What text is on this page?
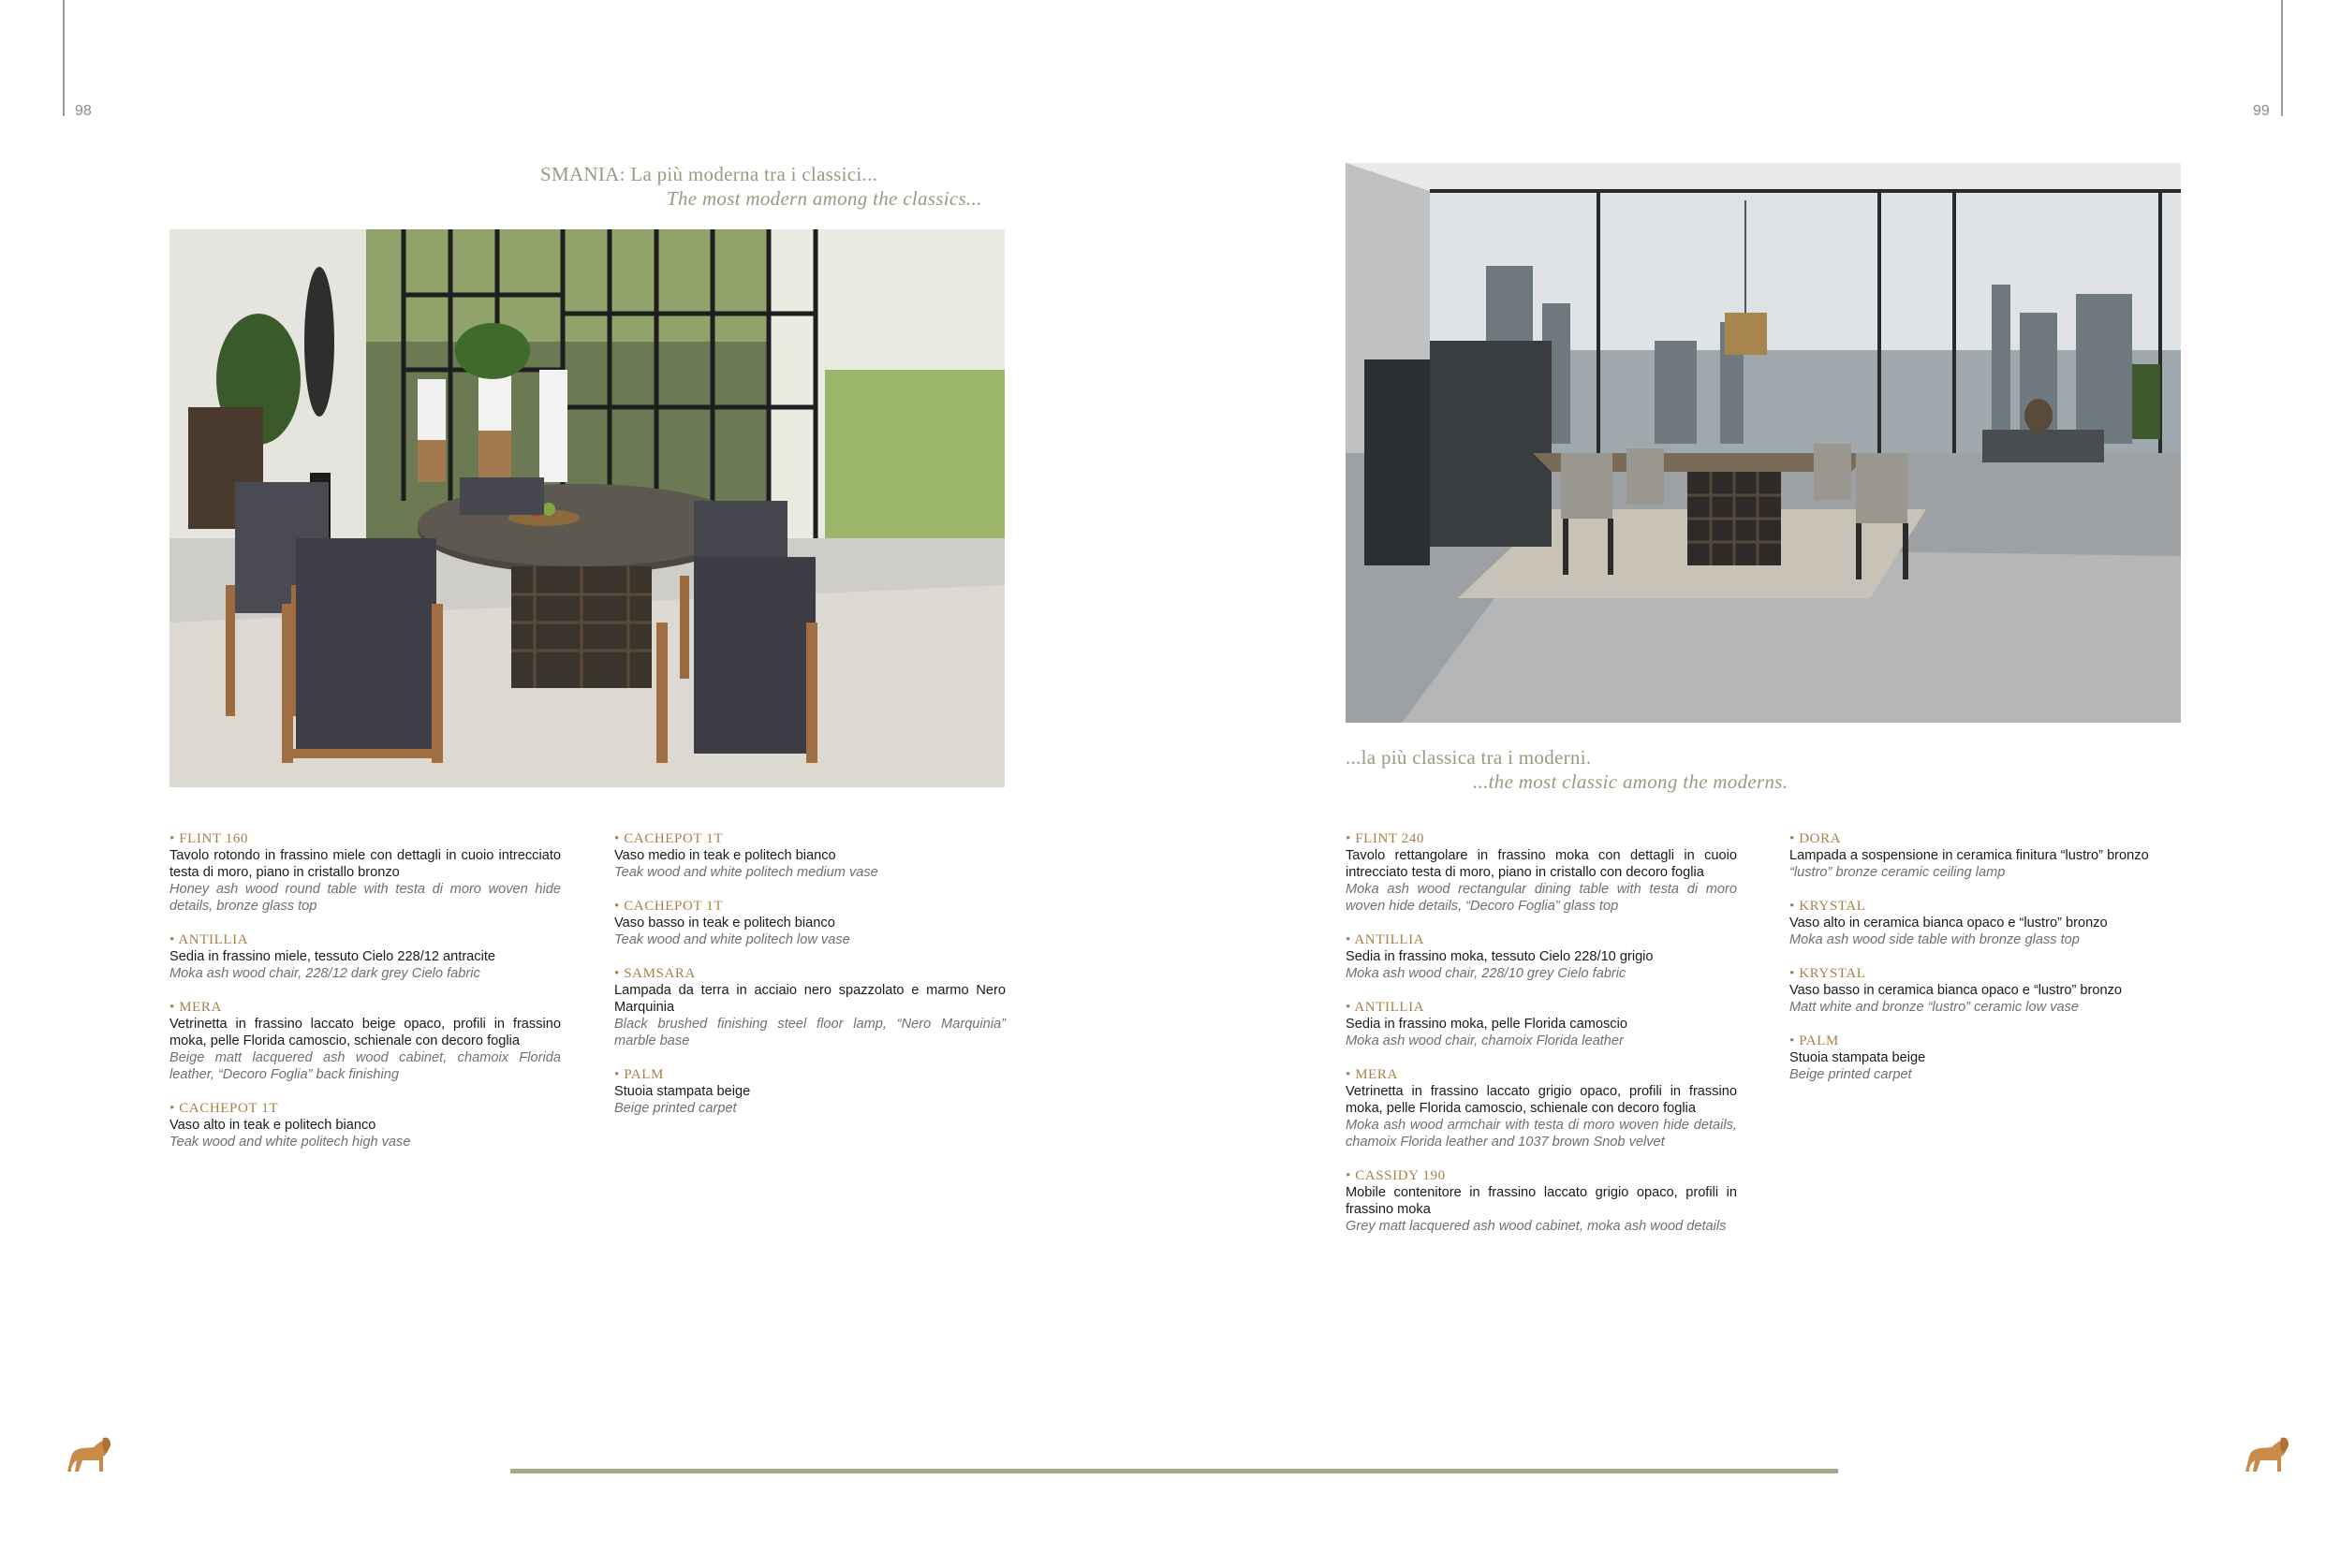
98	99
SMANIA: La più moderna tra i classici...
The most modern among the classics...
...la più classica tra i moderni.
...the most classic among the moderns.
• FLINT 160
Tavolo rotondo in frassino miele con dettagli in cuoio intrecciato testa di moro, piano in cristallo bronzo
Honey ash wood round table with testa di moro woven hide details, bronze glass top
• ANTILLIA
Sedia in frassino miele, tessuto Cielo 228/12 antracite
Moka ash wood chair, 228/12 dark grey Cielo fabric
• MERA
Vetrinetta in frassino laccato beige opaco, profili in frassino moka, pelle Florida camoscio, schienale con decoro foglia
Beige matt lacquered ash wood cabinet, chamoix Florida leather, “Decoro Foglia” back finishing
• CACHEPOT 1T
Vaso alto in teak e politech bianco
Teak wood and white politech high vase
• CACHEPOT 1T
Vaso medio in teak e politech bianco
Teak wood and white politech medium vase
• CACHEPOT 1T
Vaso basso in teak e politech bianco
Teak wood and white politech low vase
• SAMSARA
Lampada da terra in acciaio nero spazzolato e marmo Nero Marquinia
Black brushed finishing steel floor lamp, “Nero Marquinia” marble base
• PALM
Stuoia stampata beige
Beige printed carpet
• FLINT 240
Tavolo rettangolare in frassino moka con dettagli in cuoio intrecciato testa di moro, piano in cristallo con decoro foglia
Moka ash wood rectangular dining table with testa di moro woven hide details, “Decoro Foglia” glass top
• ANTILLIA
Sedia in frassino moka, tessuto Cielo 228/10 grigio
Moka ash wood chair, 228/10 grey Cielo fabric
• ANTILLIA
Sedia in frassino moka, pelle Florida camoscio
Moka ash wood chair, chamoix Florida leather
• MERA
Vetrinetta in frassino laccato grigio opaco, profili in frassino moka, pelle Florida camoscio, schienale con decoro foglia
Moka ash wood armchair with testa di moro woven hide details, chamoix Florida leather and 1037 brown Snob velvet
• CASSIDY 190
Mobile contenitore in frassino laccato grigio opaco, profili in frassino moka
Grey matt lacquered ash wood cabinet, moka ash wood details
• DORA
Lampada a sospensione in ceramica finitura “lustro” bronzo
“lustro” bronze ceramic ceiling lamp
• KRYSTAL
Vaso alto in ceramica bianca opaco e “lustro” bronzo
Moka ash wood side table with bronze glass top
• KRYSTAL
Vaso basso in ceramica bianca opaco e “lustro” bronzo
Matt white and bronze “lustro” ceramic low vase
• PALM
Stuoia stampata beige
Beige printed carpet
